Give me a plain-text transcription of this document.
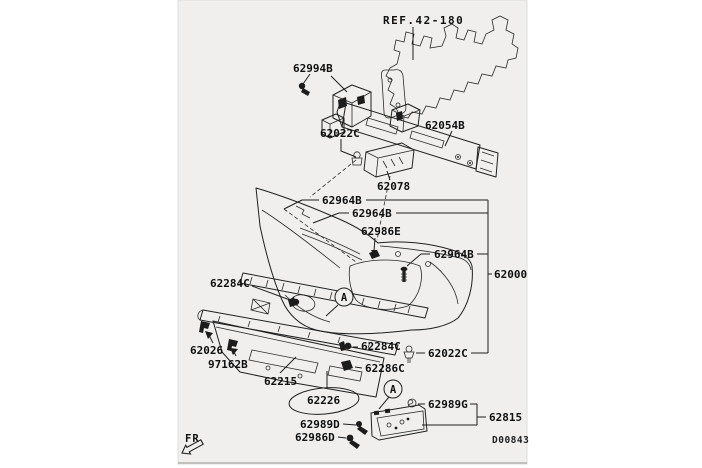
A
A
REF.42-180
62994B
62022C
62054B
62078
62964B
62964B
62986E
62964B
62000
62284C
62026
97162B
62215
62226
62284C
62286C
62022C
62989G
62815
62989D
62986D
FR	D00843
